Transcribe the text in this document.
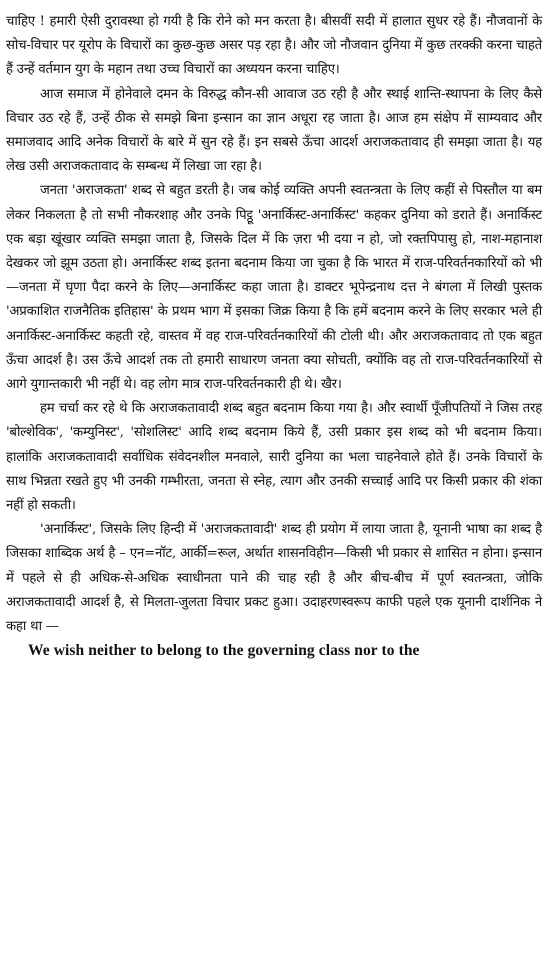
चाहिए ! हमारी ऐसी दुरावस्था हो गयी है कि रोने को मन करता है। बीसवीं सदी में हालात सुधर रहे हैं। नौजवानों के सोच-विचार पर यूरोप के विचारों का कुछ-कुछ असर पड़ रहा है। और जो नौजवान दुनिया में कुछ तरक्की करना चाहते हैं उन्हें वर्तमान युग के महान तथा उच्च विचारों का अध्ययन करना चाहिए।

आज समाज में होनेवाले दमन के विरुद्ध कौन-सी आवाज उठ रही है और स्थाई शान्ति-स्थापना के लिए कैसे विचार उठ रहे हैं, उन्हें ठीक से समझे बिना इन्सान का ज्ञान अधूरा रह जाता है। आज हम संक्षेप में साम्यवाद और समाजवाद आदि अनेक विचारों के बारे में सुन रहे हैं। इन सबसे ऊँचा आदर्श अराजकतावाद ही समझा जाता है। यह लेख उसी अराजकतावाद के सम्बन्ध में लिखा जा रहा है।

जनता 'अराजकता' शब्द से बहुत डरती है। जब कोई व्यक्ति अपनी स्वतन्त्रता के लिए कहीं से पिस्तौल या बम लेकर निकलता है तो सभी नौकरशाह और उनके पिट्ठू 'अनार्किस्ट-अनार्किस्ट' कहकर दुनिया को डराते हैं। अनार्किस्ट एक बड़ा खूंखार व्यक्ति समझा जाता है, जिसके दिल में कि ज़रा भी दया न हो, जो रक्तपिपासु हो, नाश-महानाश देखकर जो झूम उठता हो। अनार्किस्ट शब्द इतना बदनाम किया जा चुका है कि भारत में राज-परिवर्तनकारियों को भी—जनता में घृणा पैदा करने के लिए—अनार्किस्ट कहा जाता है। डाक्टर भूपेन्द्रनाथ दत्त ने बंगला में लिखी पुस्तक 'अप्रकाशित राजनैतिक इतिहास' के प्रथम भाग में इसका जिक्र किया है कि हमें बदनाम करने के लिए सरकार भले ही अनार्किस्ट-अनार्किस्ट कहती रहे, वास्तव में वह राज-परिवर्तनकारियों की टोली थी। और अराजकतावाद तो एक बहुत ऊँचा आदर्श है। उस ऊँचे आदर्श तक तो हमारी साधारण जनता क्या सोचती, क्योंकि वह तो राज-परिवर्तनकारियों से आगे युगान्तकारी भी नहीं थे। वह लोग मात्र राज-परिवर्तनकारी ही थे। खैर।

हम चर्चा कर रहे थे कि अराजकतावादी शब्द बहुत बदनाम किया गया है। और स्वार्थी पूँजीपतियों ने जिस तरह 'बोल्शेविक', 'कम्युनिस्ट', 'सोशलिस्ट' आदि शब्द बदनाम किये हैं, उसी प्रकार इस शब्द को भी बदनाम किया। हालांकि अराजकतावादी सर्वाधिक संवेदनशील मनवाले, सारी दुनिया का भला चाहनेवाले होते हैं। उनके विचारों के साथ भिन्नता रखते हुए भी उनकी गम्भीरता, जनता से स्नेह, त्याग और उनकी सच्चाई आदि पर किसी प्रकार की शंका नहीं हो सकती।

'अनार्किस्ट', जिसके लिए हिन्दी में 'अराजकतावादी' शब्द ही प्रयोग में लाया जाता है, यूनानी भाषा का शब्द है जिसका शाब्दिक अर्थ है – एन=नॉट, आर्की=रूल, अर्थात शासनविहीन—किसी भी प्रकार से शासित न होना। इन्सान में पहले से ही अधिक-से-अधिक स्वाधीनता पाने की चाह रही है और बीच-बीच में पूर्ण स्वतन्त्रता, जोकि अराजकतावादी आदर्श है, से मिलता-जुलता विचार प्रकट हुआ। उदाहरणस्वरूप काफी पहले एक यूनानी दार्शनिक ने कहा था —

We wish neither to belong to the governing class nor to the
